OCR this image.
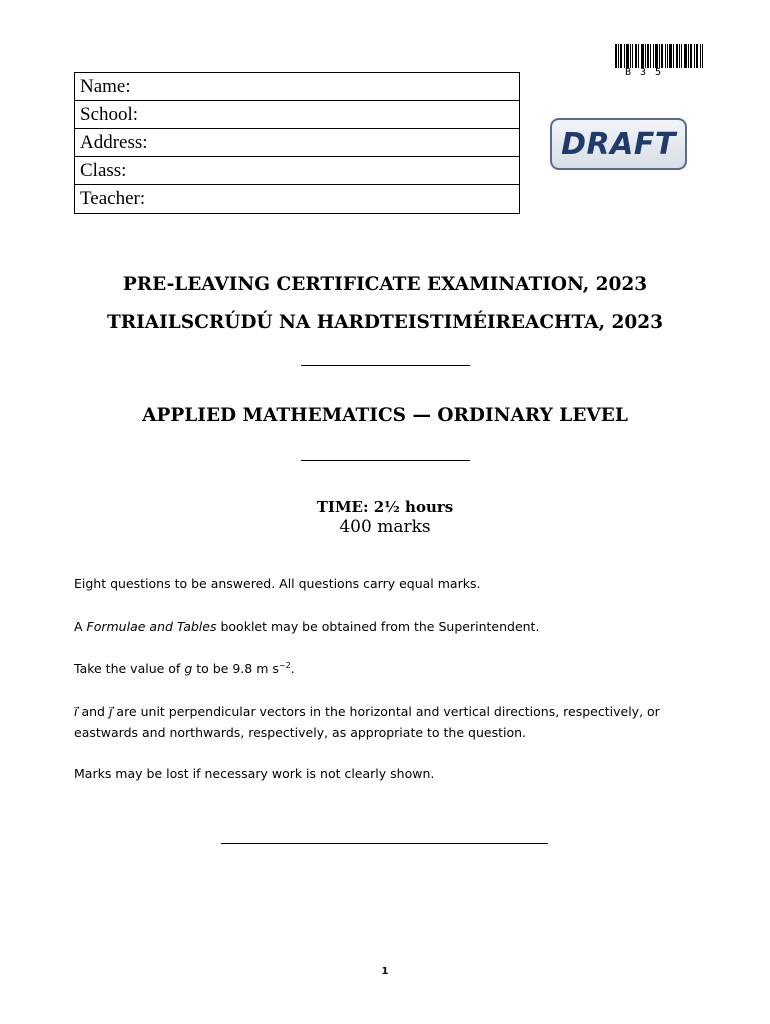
Name:
School:
Address:
Class:
Teacher:
B35
DRAFT
PRE-LEAVING CERTIFICATE EXAMINATION, 2023
TRIAILSCRÚDÚ NA HARDTEISTIMÉIREACHTA, 2023
APPLIED MATHEMATICS — ORDINARY LEVEL
TIME: 2½ hours
400 marks
Eight questions to be answered. All questions carry equal marks.
A Formulae and Tables booklet may be obtained from the Superintendent.
Take the value of g to be 9.8 m $s^{-2}$.
i⃗ and j⃗ are unit perpendicular vectors in the horizontal and vertical directions, respectively, or eastwards and northwards, respectively, as appropriate to the question.
Marks may be lost if necessary work is not clearly shown.
1
